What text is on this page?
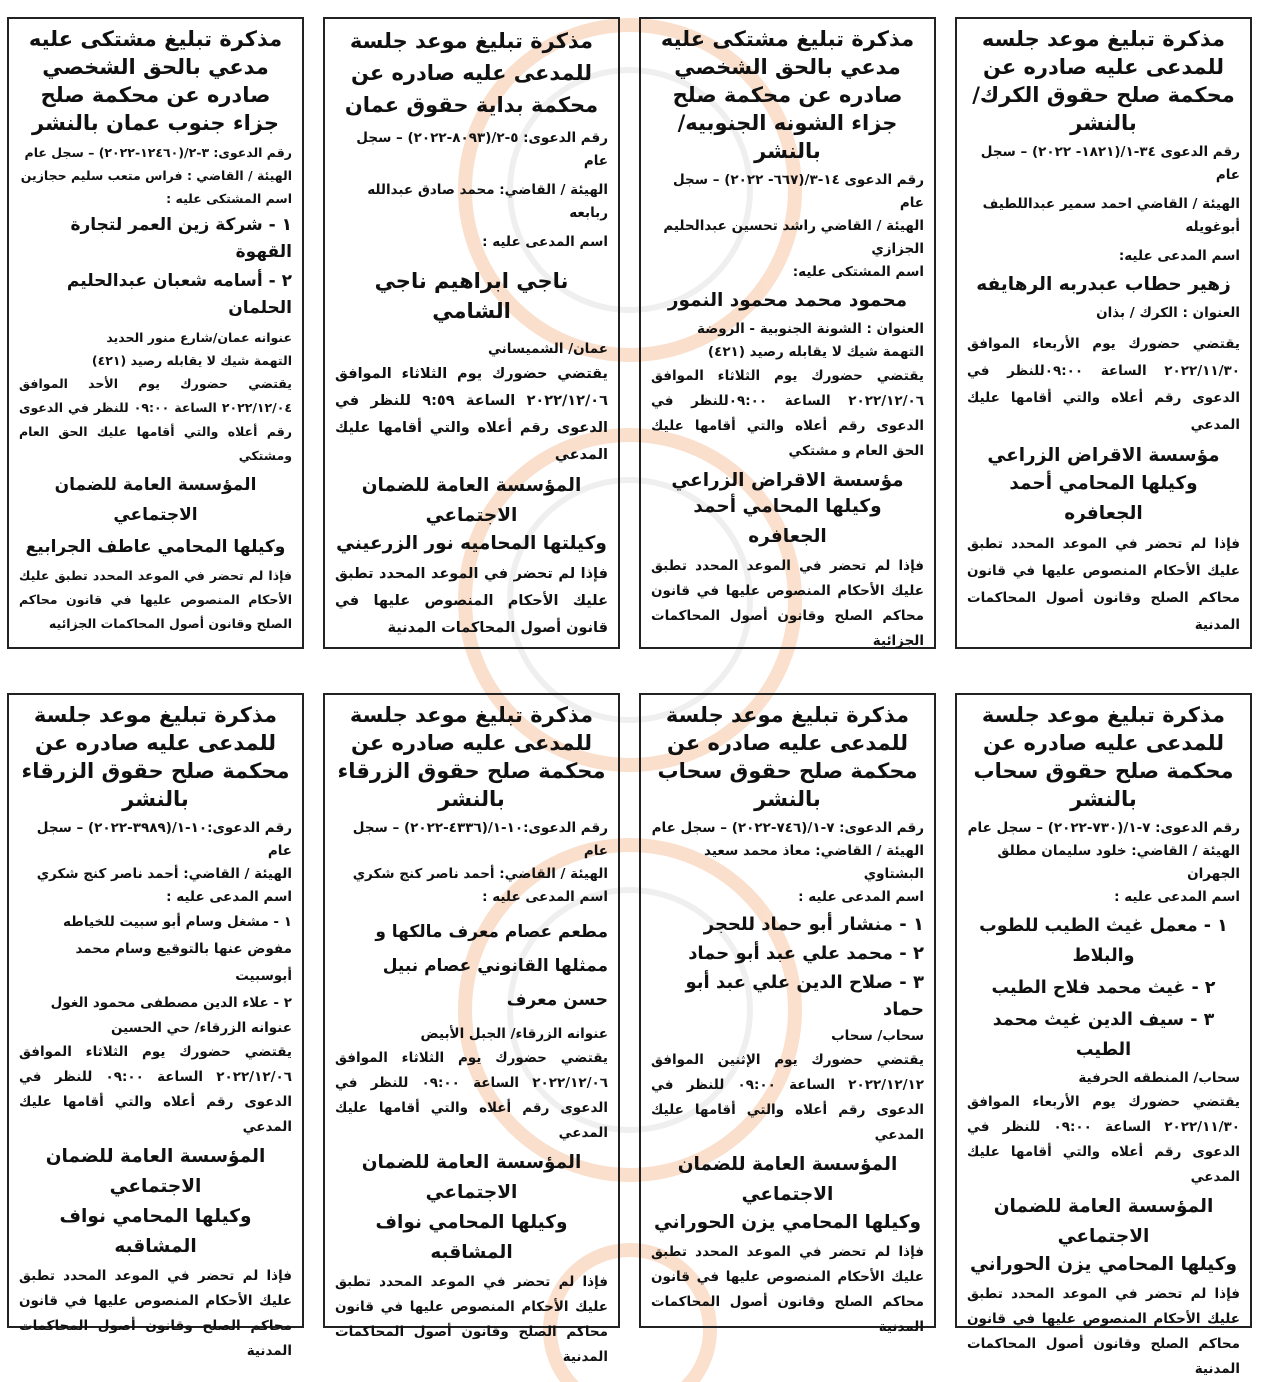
مذكرة تبليغ موعد جلسه للمدعى عليه صادره عن محكمة صلح حقوق الكرك/بالنشر
رقم الدعوى ٣٤-١/(١٨٢١- ٢٠٢٢) – سجل عام
الهيئة / القاضي احمد سمير عبداللطيف أبوغويله
اسم المدعى عليه:
زهير حطاب عبدربه الرهايفه
العنوان : الكرك / بذان
يقتضي حضورك يوم الأربعاء الموافق ٢٠٢٢/١١/٣٠ الساعة ٠٩:٠٠للنظر في الدعوى رقم أعلاه والتي أقامها عليك المدعي
مؤسسة الاقراض الزراعي
وكيلها المحامي أحمد الجعافره
فإذا لم تحضر في الموعد المحدد تطبق عليك الأحكام المنصوص عليها في قانون محاكم الصلح وقانون أصول المحاكمات المدنية
مذكرة تبليغ مشتكى عليه مدعي بالحق الشخصي صادره عن محكمة صلح جزاء الشونه الجنوبيه/بالنشر
رقم الدعوى ١٤-٣/(٦٦٧- ٢٠٢٢) – سجل عام
الهيئة / القاضي راشد تحسين عبدالحليم الجزازي
اسم المشتكى عليه:
محمود محمد محمود النمور
العنوان : الشونة الجنوبية - الروضة
التهمة شيك لا يقابله رصيد (٤٢١)
يقتضي حضورك يوم الثلاثاء الموافق ٢٠٢٢/١٢/٠٦ الساعة ٠٩:٠٠للنظر في الدعوى رقم أعلاه والتي أقامها عليك الحق العام و مشتكي
مؤسسة الاقراض الزراعي
وكيلها المحامي أحمد الجعافره
فإذا لم تحضر في الموعد المحدد تطبق عليك الأحكام المنصوص عليها في قانون محاكم الصلح وقانون أصول المحاكمات الجزائية
مذكرة تبليغ موعد جلسة للمدعى عليه صادره عن محكمة بداية حقوق عمان
رقم الدعوى: ٥-٢/(٨٠٩٣-٢٠٢٢) – سجل عام
الهيئة / القاضي: محمد صادق عبدالله ربابعه
اسم المدعى عليه :
ناجي ابراهيم ناجي الشامي
عمان/ الشميساني
يقتضي حضورك يوم الثلاثاء الموافق ٢٠٢٢/١٢/٠٦ الساعة ٩:٥٩ للنظر في الدعوى رقم أعلاه والتي أقامها عليك المدعي
المؤسسة العامة للضمان الاجتماعي
وكيلتها المحاميه نور الزرعيني
فإذا لم تحضر في الموعد المحدد تطبق عليك الأحكام المنصوص عليها في قانون أصول المحاكمات المدنية
مذكرة تبليغ مشتكى عليه مدعي بالحق الشخصي صادره عن محكمة صلح جزاء جنوب عمان بالنشر
رقم الدعوى: ٣-٢/(١٢٤٦٠-٢٠٢٢) – سجل عام
الهيئة / القاضي : فراس متعب سليم حجازين
اسم المشتكى عليه :
١ - شركة زين العمر لتجارة القهوة
٢ - أسامه شعبان عبدالحليم الحلمان
عنوانه عمان/شارع منور الحديد
التهمة شيك لا يقابله رصيد (٤٢١)
يقتضي حضورك يوم الأحد الموافق ٢٠٢٢/١٢/٠٤ الساعة ٠٩:٠٠ للنظر في الدعوى رقم أعلاه والتي أقامها عليك الحق العام ومشتكي
المؤسسة العامة للضمان الاجتماعي
وكيلها المحامي عاطف الجرابيع
فإذا لم تحضر في الموعد المحدد تطبق عليك الأحكام المنصوص عليها في قانون محاكم الصلح وقانون أصول المحاكمات الجزائيه
مذكرة تبليغ موعد جلسة للمدعى عليه صادره عن محكمة صلح حقوق سحاب بالنشر
رقم الدعوى: ٧-١/(٧٣٠-٢٠٢٢) – سجل عام
الهيئة / القاضي: خلود سليمان مطلق الجهران
اسم المدعى عليه :
١ - معمل غيث الطيب للطوب والبلاط
٢ - غيث محمد فلاح الطيب
٣ - سيف الدين غيث محمد الطيب
سحاب/ المنطقه الحرفية
يقتضي حضورك يوم الأربعاء الموافق ٢٠٢٢/١١/٣٠ الساعة ٠٩:٠٠ للنظر في الدعوى رقم أعلاه والتي أقامها عليك المدعي
المؤسسة العامة للضمان الاجتماعي
وكيلها المحامي يزن الحوراني
فإذا لم تحضر في الموعد المحدد تطبق عليك الأحكام المنصوص عليها في قانون محاكم الصلح وقانون أصول المحاكمات المدنية
مذكرة تبليغ موعد جلسة للمدعى عليه صادره عن محكمة صلح حقوق سحاب بالنشر
رقم الدعوى: ٧-١/(٧٤٦-٢٠٢٢) – سجل عام
الهيئة / القاضي: معاذ محمد سعيد البشتاوي
اسم المدعى عليه :
١ - منشار أبو حماد للحجر
٢ - محمد علي عبد أبو حماد
٣ - صلاح الدين علي عبد أبو حماد
سحاب/ سحاب
يقتضي حضورك يوم الإثنين الموافق ٢٠٢٢/١٢/١٢ الساعة ٠٩:٠٠ للنظر في الدعوى رقم أعلاه والتي أقامها عليك المدعي
المؤسسة العامة للضمان الاجتماعي
وكيلها المحامي يزن الحوراني
فإذا لم تحضر في الموعد المحدد تطبق عليك الأحكام المنصوص عليها في قانون محاكم الصلح وقانون أصول المحاكمات المدنية
مذكرة تبليغ موعد جلسة للمدعى عليه صادره عن محكمة صلح حقوق الزرقاء بالنشر
رقم الدعوى:١٠-١/(٤٣٣٦-٢٠٢٢) – سجل عام
الهيئة / القاضي: أحمد ناصر كنج شكري
اسم المدعى عليه :
مطعم عصام معرف مالكها و ممثلها القانوني عصام نبيل حسن معرف
عنوانه الزرقاء/ الجبل الأبيض
يقتضي حضورك يوم الثلاثاء الموافق ٢٠٢٢/١٢/٠٦ الساعة ٠٩:٠٠ للنظر في الدعوى رقم أعلاه والتي أقامها عليك المدعي
المؤسسة العامة للضمان الاجتماعي
وكيلها المحامي نواف المشاقبه
فإذا لم تحضر في الموعد المحدد تطبق عليك الأحكام المنصوص عليها في قانون محاكم الصلح وقانون أصول المحاكمات المدنية
مذكرة تبليغ موعد جلسة للمدعى عليه صادره عن محكمة صلح حقوق الزرقاء بالنشر
رقم الدعوى:١٠-١/(٣٩٨٩-٢٠٢٢) – سجل عام
الهيئة / القاضي: أحمد ناصر كنج شكري
اسم المدعى عليه :
١ - مشغل وسام أبو سبيت للخياطه مفوض عنها بالتوقيع وسام محمد أبوسبيت
٢ - علاء الدين مصطفى محمود الغول
عنوانه الزرقاء/ حي الحسين
يقتضي حضورك يوم الثلاثاء الموافق ٢٠٢٢/١٢/٠٦ الساعة ٠٩:٠٠ للنظر في الدعوى رقم أعلاه والتي أقامها عليك المدعي
المؤسسة العامة للضمان الاجتماعي
وكيلها المحامي نواف المشاقبه
فإذا لم تحضر في الموعد المحدد تطبق عليك الأحكام المنصوص عليها في قانون محاكم الصلح وقانون أصول المحاكمات المدنية
